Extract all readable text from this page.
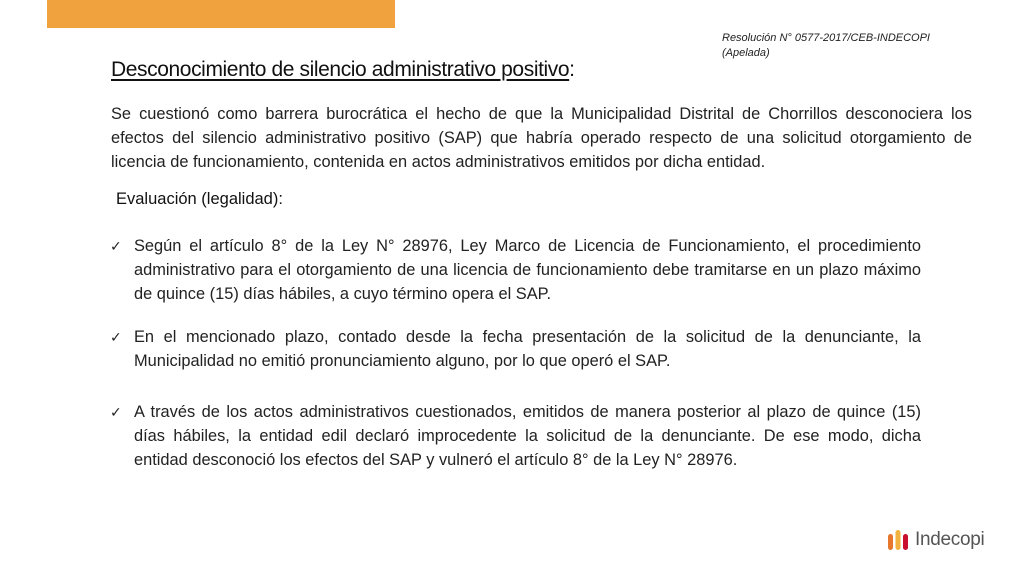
Resolución N° 0577-2017/CEB-INDECOPI
(Apelada)
Desconocimiento de silencio administrativo positivo:

Se cuestionó como barrera burocrática el hecho de que la Municipalidad Distrital de Chorrillos desconociera los efectos del silencio administrativo positivo (SAP) que habría operado respecto de una solicitud otorgamiento de licencia de funcionamiento, contenida en actos administrativos emitidos por dicha entidad.

Evaluación (legalidad):
✓ Según el artículo 8° de la Ley N° 28976, Ley Marco de Licencia de Funcionamiento, el procedimiento administrativo para el otorgamiento de una licencia de funcionamiento debe tramitarse en un plazo máximo de quince (15) días hábiles, a cuyo término opera el SAP.

✓ En el mencionado plazo, contado desde la fecha presentación de la solicitud de la denunciante, la Municipalidad no emitió pronunciamiento alguno, por lo que operó el SAP.

✓ A través de los actos administrativos cuestionados, emitidos de manera posterior al plazo de quince (15) días hábiles, la entidad edil declaró improcedente la solicitud de la denunciante. De ese modo, dicha entidad desconoció los efectos del SAP y vulneró el artículo 8° de la Ley N° 28976.

Indecopi
